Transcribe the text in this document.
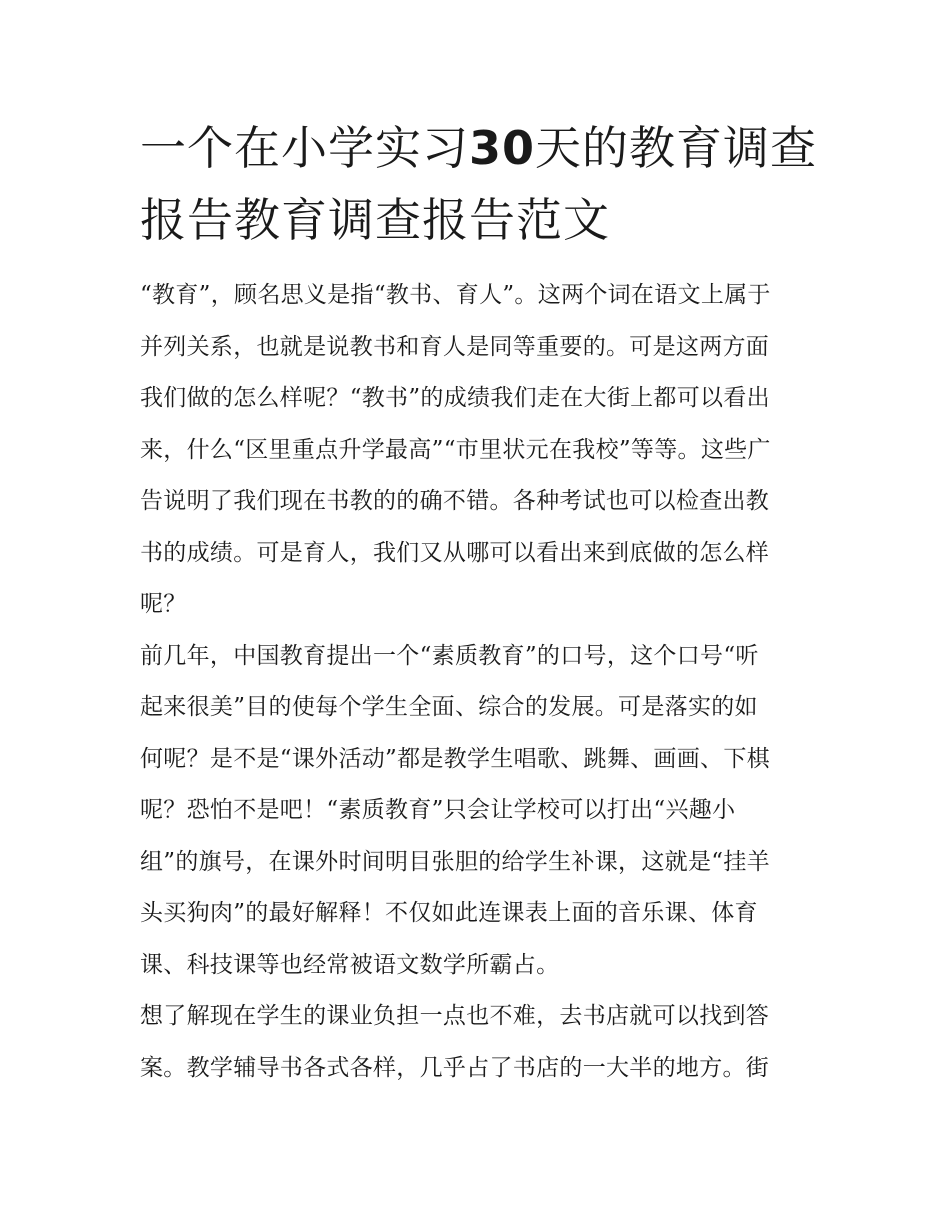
一个在小学实习30天的教育调查报告教育调查报告范文
“教育”，顾名思义是指“教书、育人”。这两个词在语文上属于
并列关系，也就是说教书和育人是同等重要的。可是这两方面
我们做的怎么样呢？“教书”的成绩我们走在大街上都可以看出
来，什么“区里重点升学最高”“市里状元在我校”等等。这些广
告说明了我们现在书教的的确不错。各种考试也可以检查出教
书的成绩。可是育人，我们又从哪可以看出来到底做的怎么样
呢？
前几年，中国教育提出一个“素质教育”的口号，这个口号“听
起来很美”目的使每个学生全面、综合的发展。可是落实的如
何呢？是不是“课外活动”都是教学生唱歌、跳舞、画画、下棋
呢？恐怕不是吧！“素质教育”只会让学校可以打出“兴趣小
组”的旗号，在课外时间明目张胆的给学生补课，这就是“挂羊
头买狗肉”的最好解释！不仅如此连课表上面的音乐课、体育
课、科技课等也经常被语文数学所霸占。
想了解现在学生的课业负担一点也不难，去书店就可以找到答
案。教学辅导书各式各样，几乎占了书店的一大半的地方。街
